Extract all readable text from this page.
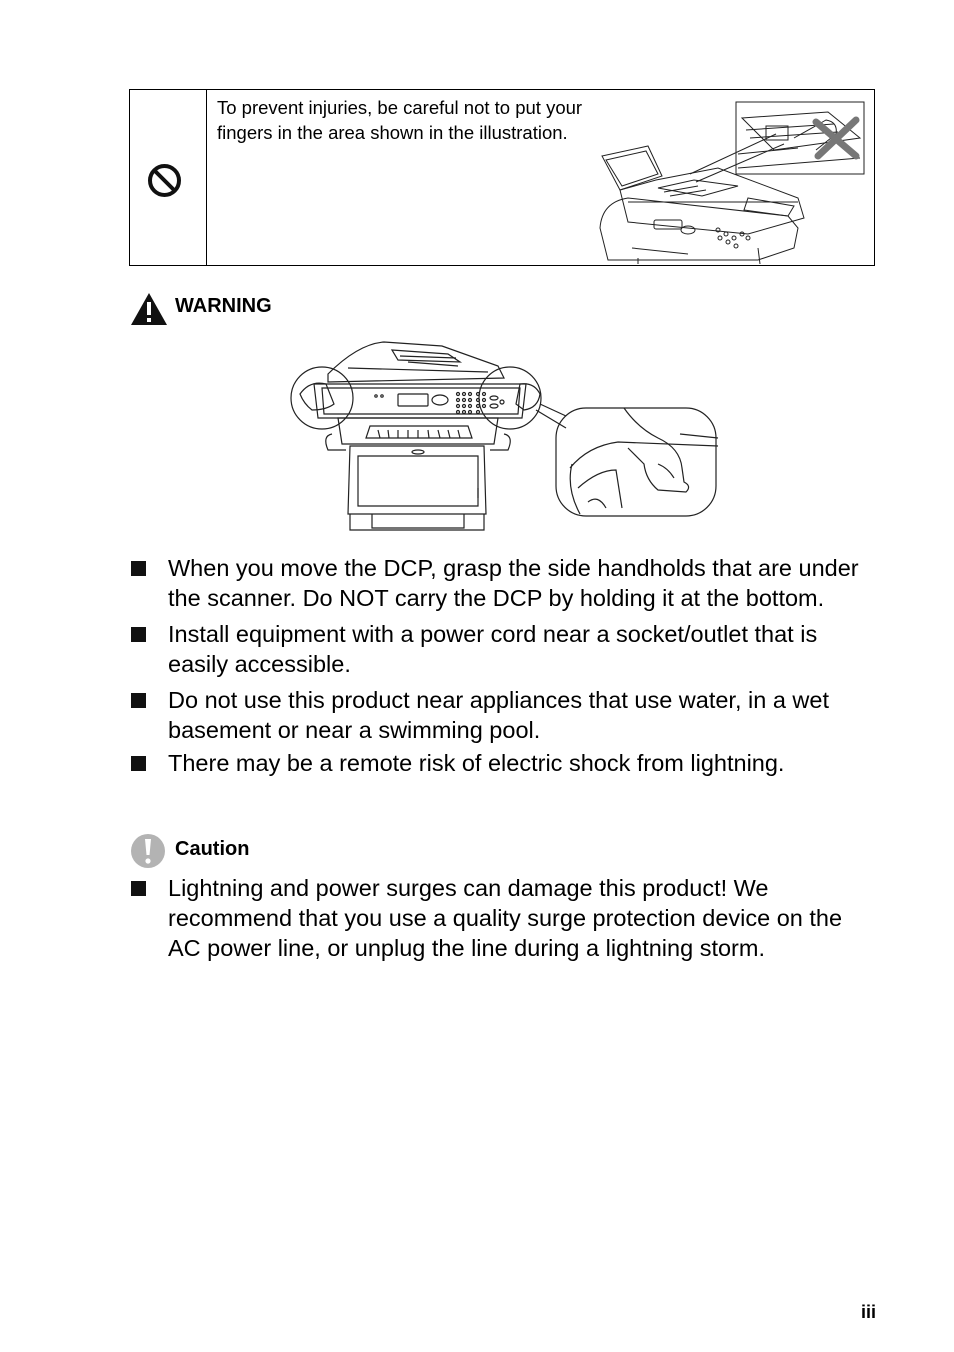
To prevent injuries, be careful not to put your fingers in the area shown in the illustration.
WARNING
When you move the DCP, grasp the side handholds that are under the scanner. Do NOT carry the DCP by holding it at the bottom.
Install equipment with a power cord near a socket/outlet that is easily accessible.
Do not use this product near appliances that use water, in a wet basement or near a swimming pool.
There may be a remote risk of electric shock from lightning.
Caution
Lightning and power surges can damage this product! We recommend that you use a quality surge protection device on the AC power line, or unplug the line during a lightning storm.
iii
